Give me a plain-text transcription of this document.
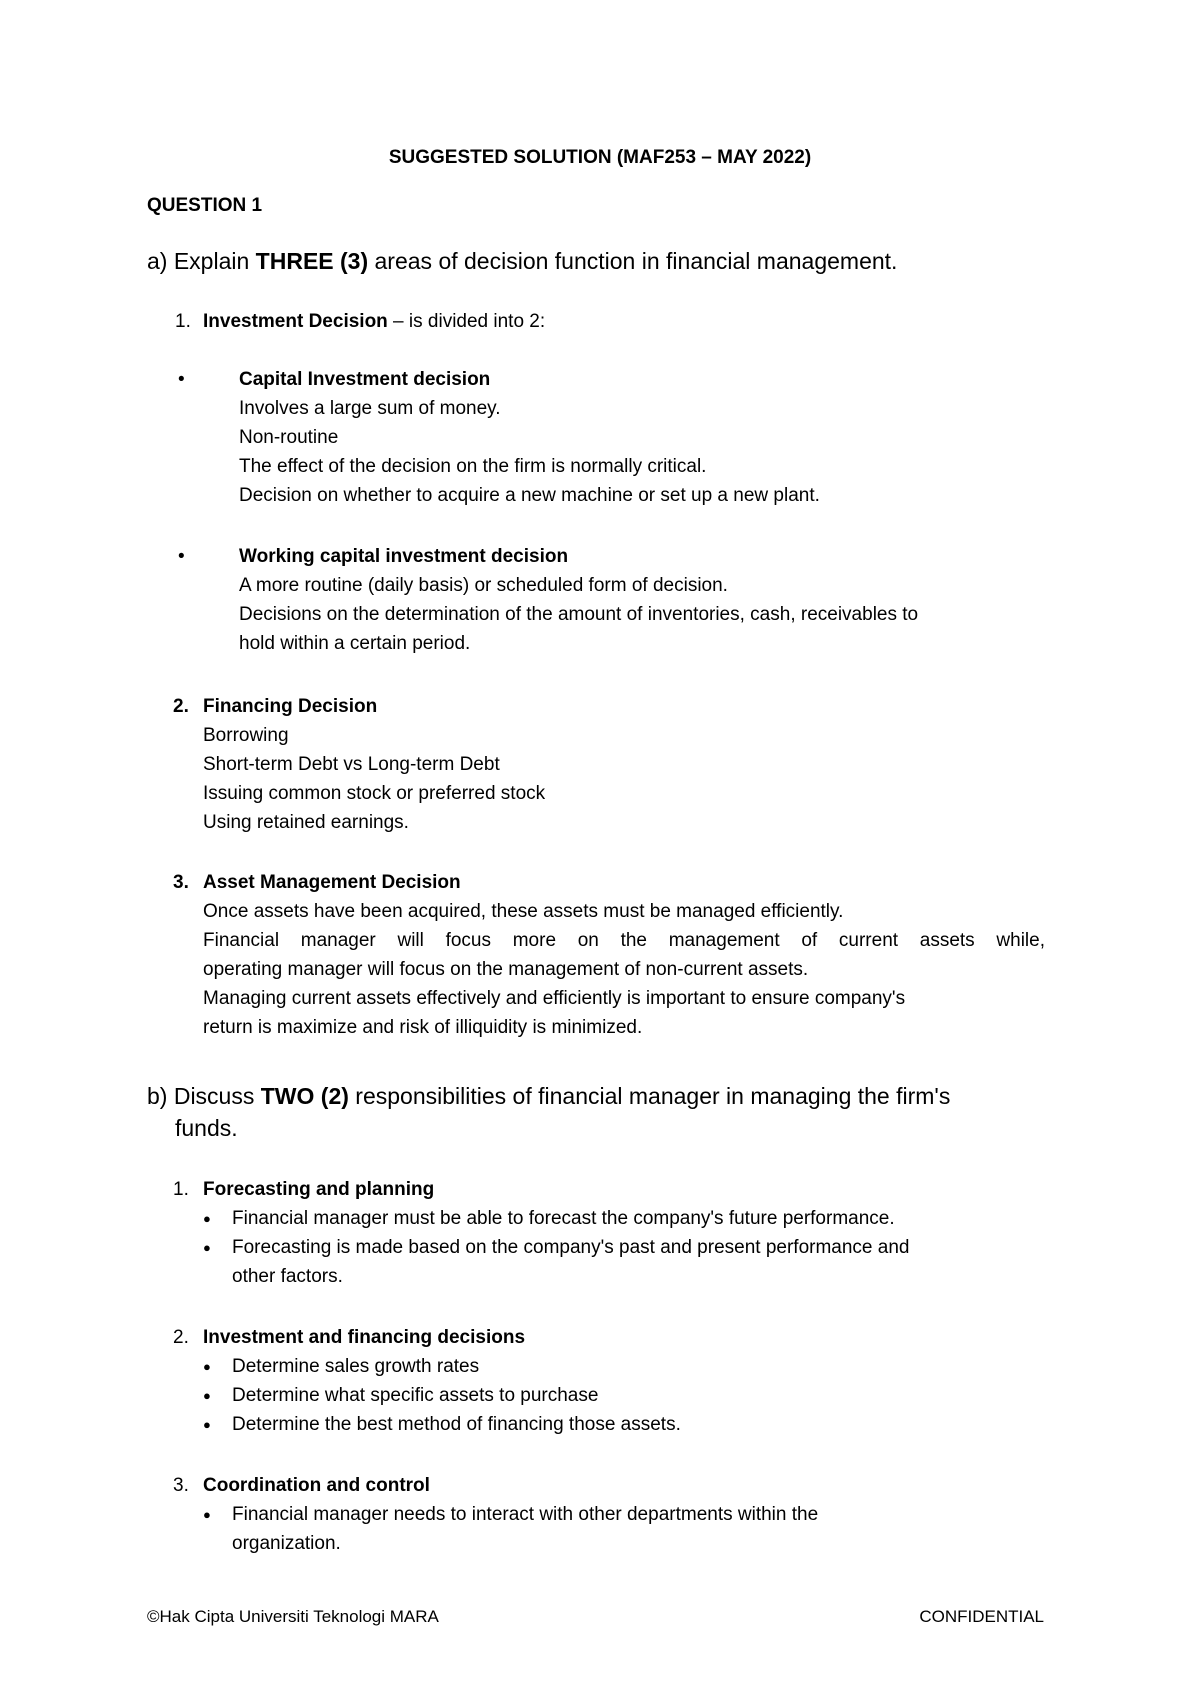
SUGGESTED SOLUTION (MAF253 – MAY 2022)

QUESTION 1

a) Explain THREE (3) areas of decision function in financial management.

1. Investment Decision – is divided into 2:

•	Capital Investment decision

Involves a large sum of money.

Non-routine

The effect of the decision on the firm is normally critical.

Decision on whether to acquire a new machine or set up a new plant.

•	Working capital investment decision

A more routine (daily basis) or scheduled form of decision.

Decisions on the determination of the amount of inventories, cash, receivables to

hold within a certain period.

2. Financing Decision

Borrowing

Short-term Debt vs Long-term Debt

Issuing common stock or preferred stock

Using retained earnings.

3. Asset Management Decision

Once assets have been acquired, these assets must be managed efficiently.

Financial manager will focus more on the management of current assets while,

operating manager will focus on the management of non-current assets.

Managing current assets effectively and efficiently is important to ensure company's

return is maximize and risk of illiquidity is minimized.

b) Discuss TWO (2) responsibilities of financial manager in managing the firm's

funds.

1. Forecasting and planning

● Financial manager must be able to forecast the company's future performance.

● Forecasting is made based on the company's past and present performance and

other factors.

2. Investment and financing decisions

● Determine sales growth rates

● Determine what specific assets to purchase

● Determine the best method of financing those assets.

3. Coordination and control

● Financial manager needs to interact with other departments within the

organization.

©Hak Cipta Universiti Teknologi MARA	CONFIDENTIAL
